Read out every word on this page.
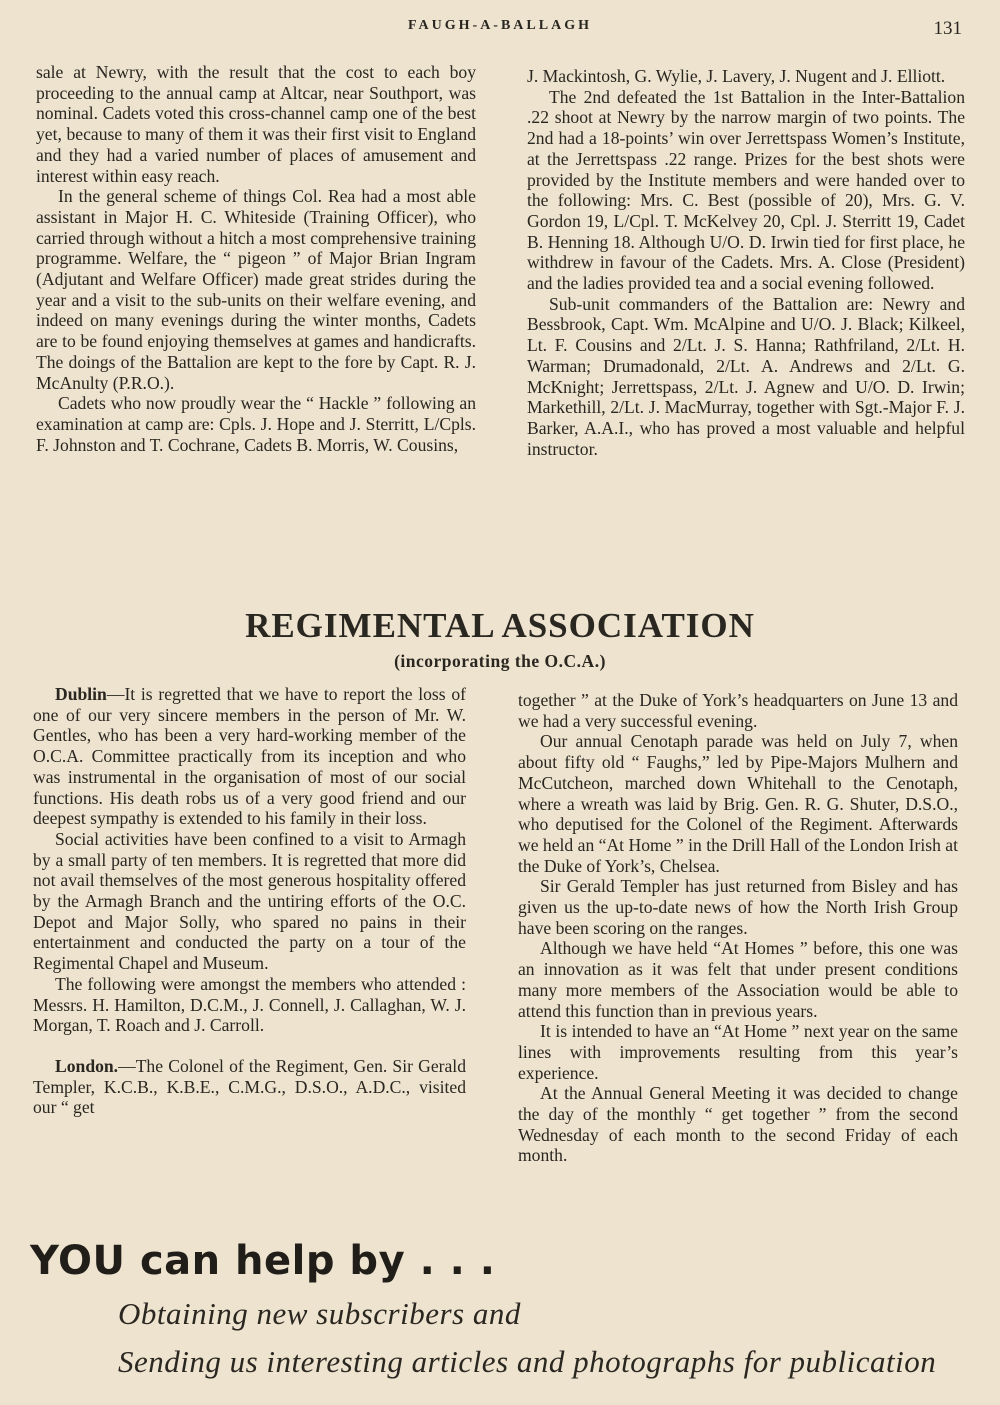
FAUGH-A-BALLAGH	131

sale at Newry, with the result that the cost to each boy proceeding to the annual camp at Altcar, near Southport, was nominal. Cadets voted this cross-channel camp one of the best yet, because to many of them it was their first visit to England and they had a varied number of places of amusement and interest within easy reach.

In the general scheme of things Col. Rea had a most able assistant in Major H. C. Whiteside (Training Officer), who carried through without a hitch a most comprehensive training programme. Welfare, the “ pigeon ” of Major Brian Ingram (Adjutant and Welfare Officer) made great strides during the year and a visit to the sub-units on their welfare evening, and indeed on many evenings during the winter months, Cadets are to be found enjoying themselves at games and handicrafts. The doings of the Battalion are kept to the fore by Capt. R. J. McAnulty (P.R.O.).

Cadets who now proudly wear the “ Hackle ” following an examination at camp are: Cpls. J. Hope and J. Sterritt, L/Cpls. F. Johnston and T. Cochrane, Cadets B. Morris, W. Cousins,

J. Mackintosh, G. Wylie, J. Lavery, J. Nugent and J. Elliott.

The 2nd defeated the 1st Battalion in the Inter-Battalion .22 shoot at Newry by the narrow margin of two points. The 2nd had a 18-points’ win over Jerrettspass Women’s Institute, at the Jerrettspass .22 range. Prizes for the best shots were provided by the Institute members and were handed over to the following: Mrs. C. Best (possible of 20), Mrs. G. V. Gordon 19, L/Cpl. T. McKelvey 20, Cpl. J. Sterritt 19, Cadet B. Henning 18. Although U/O. D. Irwin tied for first place, he withdrew in favour of the Cadets. Mrs. A. Close (President) and the ladies provided tea and a social evening followed.

Sub-unit commanders of the Battalion are: Newry and Bessbrook, Capt. Wm. McAlpine and U/O. J. Black; Kilkeel, Lt. F. Cousins and 2/Lt. J. S. Hanna; Rathfriland, 2/Lt. H. Warman; Drumadonald, 2/Lt. A. Andrews and 2/Lt. G. McKnight; Jerrettspass, 2/Lt. J. Agnew and U/O. D. Irwin; Markethill, 2/Lt. J. MacMurray, together with Sgt.-Major F. J. Barker, A.A.I., who has proved a most valuable and helpful instructor.

REGIMENTAL ASSOCIATION
(incorporating the O.C.A.)

Dublin—It is regretted that we have to report the loss of one of our very sincere members in the person of Mr. W. Gentles, who has been a very hard-working member of the O.C.A. Committee practically from its inception and who was instrumental in the organisation of most of our social functions. His death robs us of a very good friend and our deepest sympathy is extended to his family in their loss.

Social activities have been confined to a visit to Armagh by a small party of ten members. It is regretted that more did not avail themselves of the most generous hospitality offered by the Armagh Branch and the untiring efforts of the O.C. Depot and Major Solly, who spared no pains in their entertainment and conducted the party on a tour of the Regimental Chapel and Museum.

The following were amongst the members who attended : Messrs. H. Hamilton, D.C.M., J. Connell, J. Callaghan, W. J. Morgan, T. Roach and J. Carroll.

London.—The Colonel of the Regiment, Gen. Sir Gerald Templer, K.C.B., K.B.E., C.M.G., D.S.O., A.D.C., visited our “ get

together ” at the Duke of York’s headquarters on June 13 and we had a very successful evening.

Our annual Cenotaph parade was held on July 7, when about fifty old “ Faughs,” led by Pipe-Majors Mulhern and McCutcheon, marched down Whitehall to the Cenotaph, where a wreath was laid by Brig. Gen. R. G. Shuter, D.S.O., who deputised for the Colonel of the Regiment. Afterwards we held an “At Home ” in the Drill Hall of the London Irish at the Duke of York’s, Chelsea.

Sir Gerald Templer has just returned from Bisley and has given us the up-to-date news of how the North Irish Group have been scoring on the ranges.

Although we have held “At Homes ” before, this one was an innovation as it was felt that under present conditions many more members of the Association would be able to attend this function than in previous years.

It is intended to have an “At Home ” next year on the same lines with improvements resulting from this year’s experience.

At the Annual General Meeting it was decided to change the day of the monthly “ get together ” from the second Wednesday of each month to the second Friday of each month.

YOU can help by . . .
Obtaining new subscribers and
Sending us interesting articles and photographs for publication
